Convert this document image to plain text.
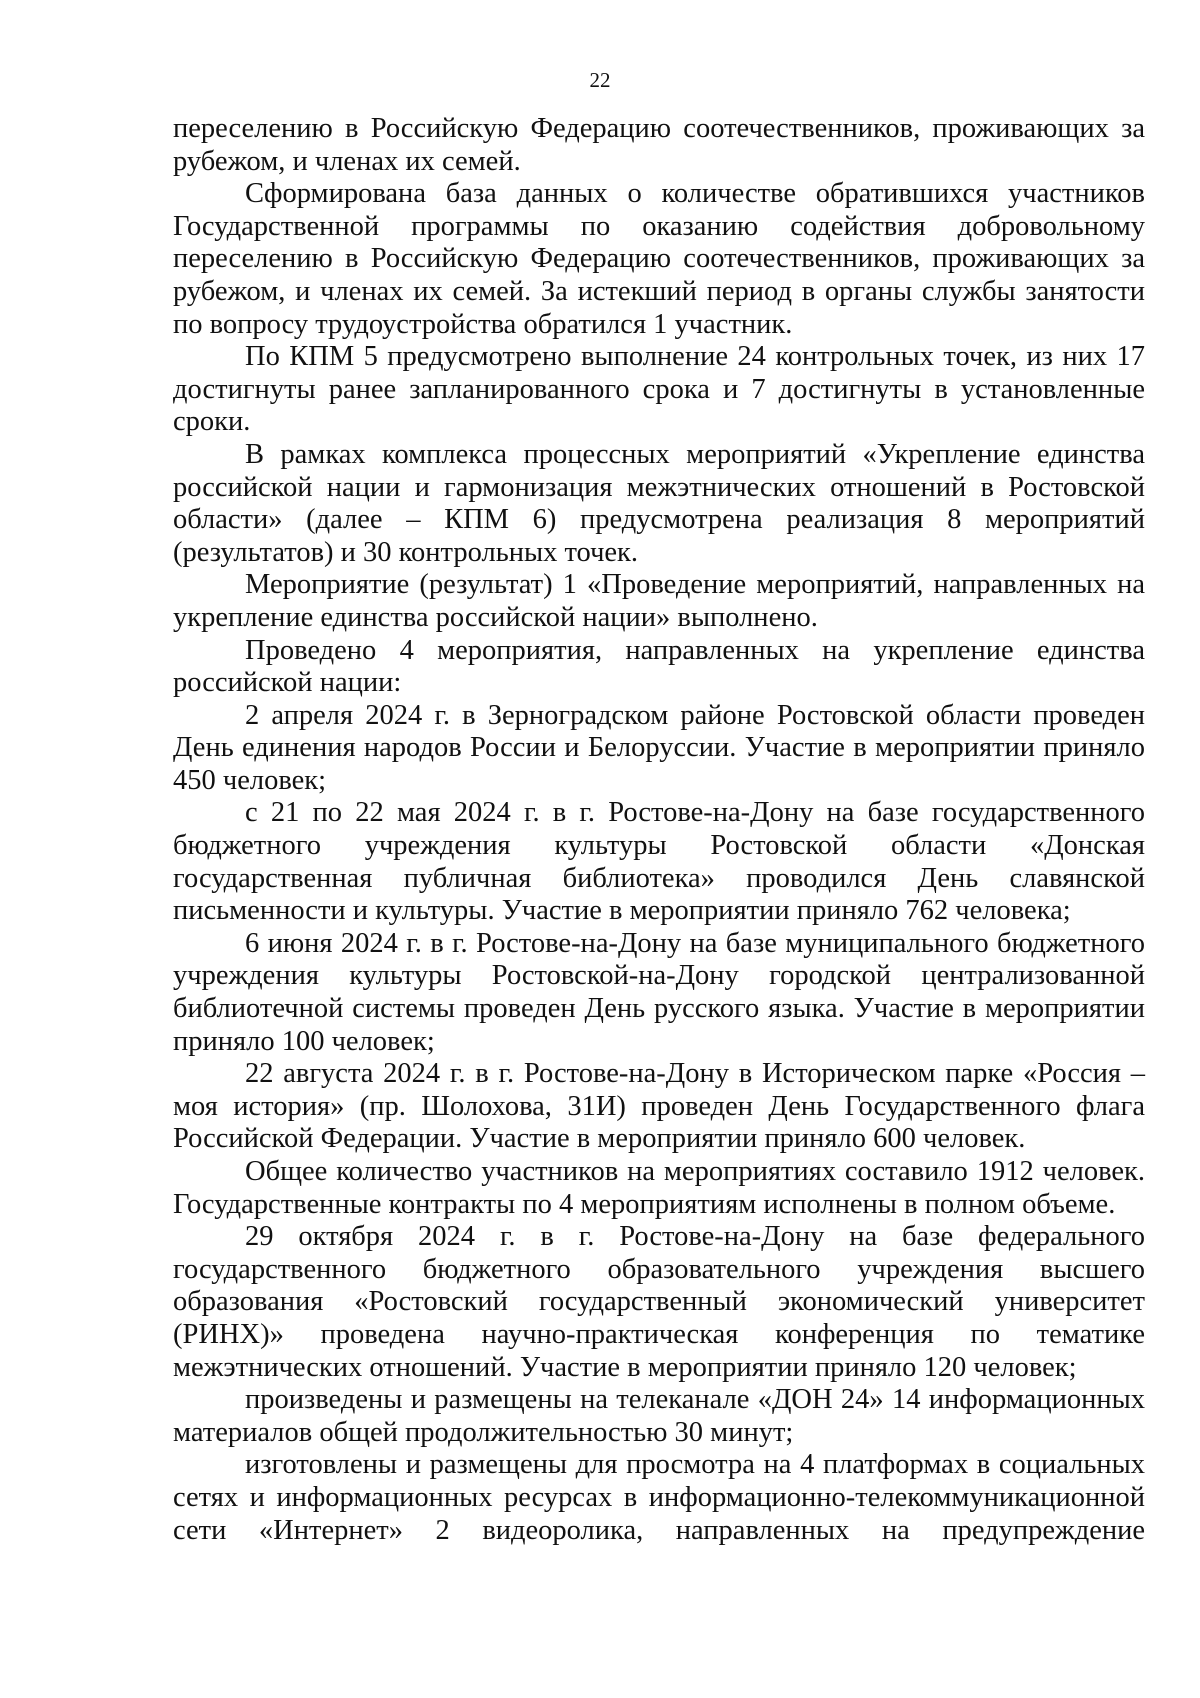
22

переселению в Российскую Федерацию соотечественников, проживающих за рубежом, и членах их семей.

Сформирована база данных о количестве обратившихся участников Государственной программы по оказанию содействия добровольному переселению в Российскую Федерацию соотечественников, проживающих за рубежом, и членах их семей. За истекший период в органы службы занятости по вопросу трудоустройства обратился 1 участник.

По КПМ 5 предусмотрено выполнение 24 контрольных точек, из них 17 достигнуты ранее запланированного срока и 7 достигнуты в установленные сроки.

В рамках комплекса процессных мероприятий «Укрепление единства российской нации и гармонизация межэтнических отношений в Ростовской области» (далее – КПМ 6) предусмотрена реализация 8 мероприятий (результатов) и 30 контрольных точек.

Мероприятие (результат) 1 «Проведение мероприятий, направленных на укрепление единства российской нации» выполнено.

Проведено 4 мероприятия, направленных на укрепление единства российской нации:

2 апреля 2024 г. в Зерноградском районе Ростовской области проведен День единения народов России и Белоруссии. Участие в мероприятии приняло 450 человек;

с 21 по 22 мая 2024 г. в г. Ростове-на-Дону на базе государственного бюджетного учреждения культуры Ростовской области «Донская государственная публичная библиотека» проводился День славянской письменности и культуры. Участие в мероприятии приняло 762 человека;

6 июня 2024 г. в г. Ростове-на-Дону на базе муниципального бюджетного учреждения культуры Ростовской-на-Дону городской централизованной библиотечной системы проведен День русского языка. Участие в мероприятии приняло 100 человек;

22 августа 2024 г. в г. Ростове-на-Дону в Историческом парке «Россия – моя история» (пр. Шолохова, 31И) проведен День Государственного флага Российской Федерации. Участие в мероприятии приняло 600 человек.

Общее количество участников на мероприятиях составило 1912 человек. Государственные контракты по 4 мероприятиям исполнены в полном объеме.

29 октября 2024 г. в г. Ростове-на-Дону на базе федерального государственного бюджетного образовательного учреждения высшего образования «Ростовский государственный экономический университет (РИНХ)» проведена научно-практическая конференция по тематике межэтнических отношений. Участие в мероприятии приняло 120 человек;

произведены и размещены на телеканале «ДОН 24» 14 информационных материалов общей продолжительностью 30 минут;

изготовлены и размещены для просмотра на 4 платформах в социальных сетях и информационных ресурсах в информационно-телекоммуникационной сети «Интернет» 2 видеоролика, направленных на предупреждение
